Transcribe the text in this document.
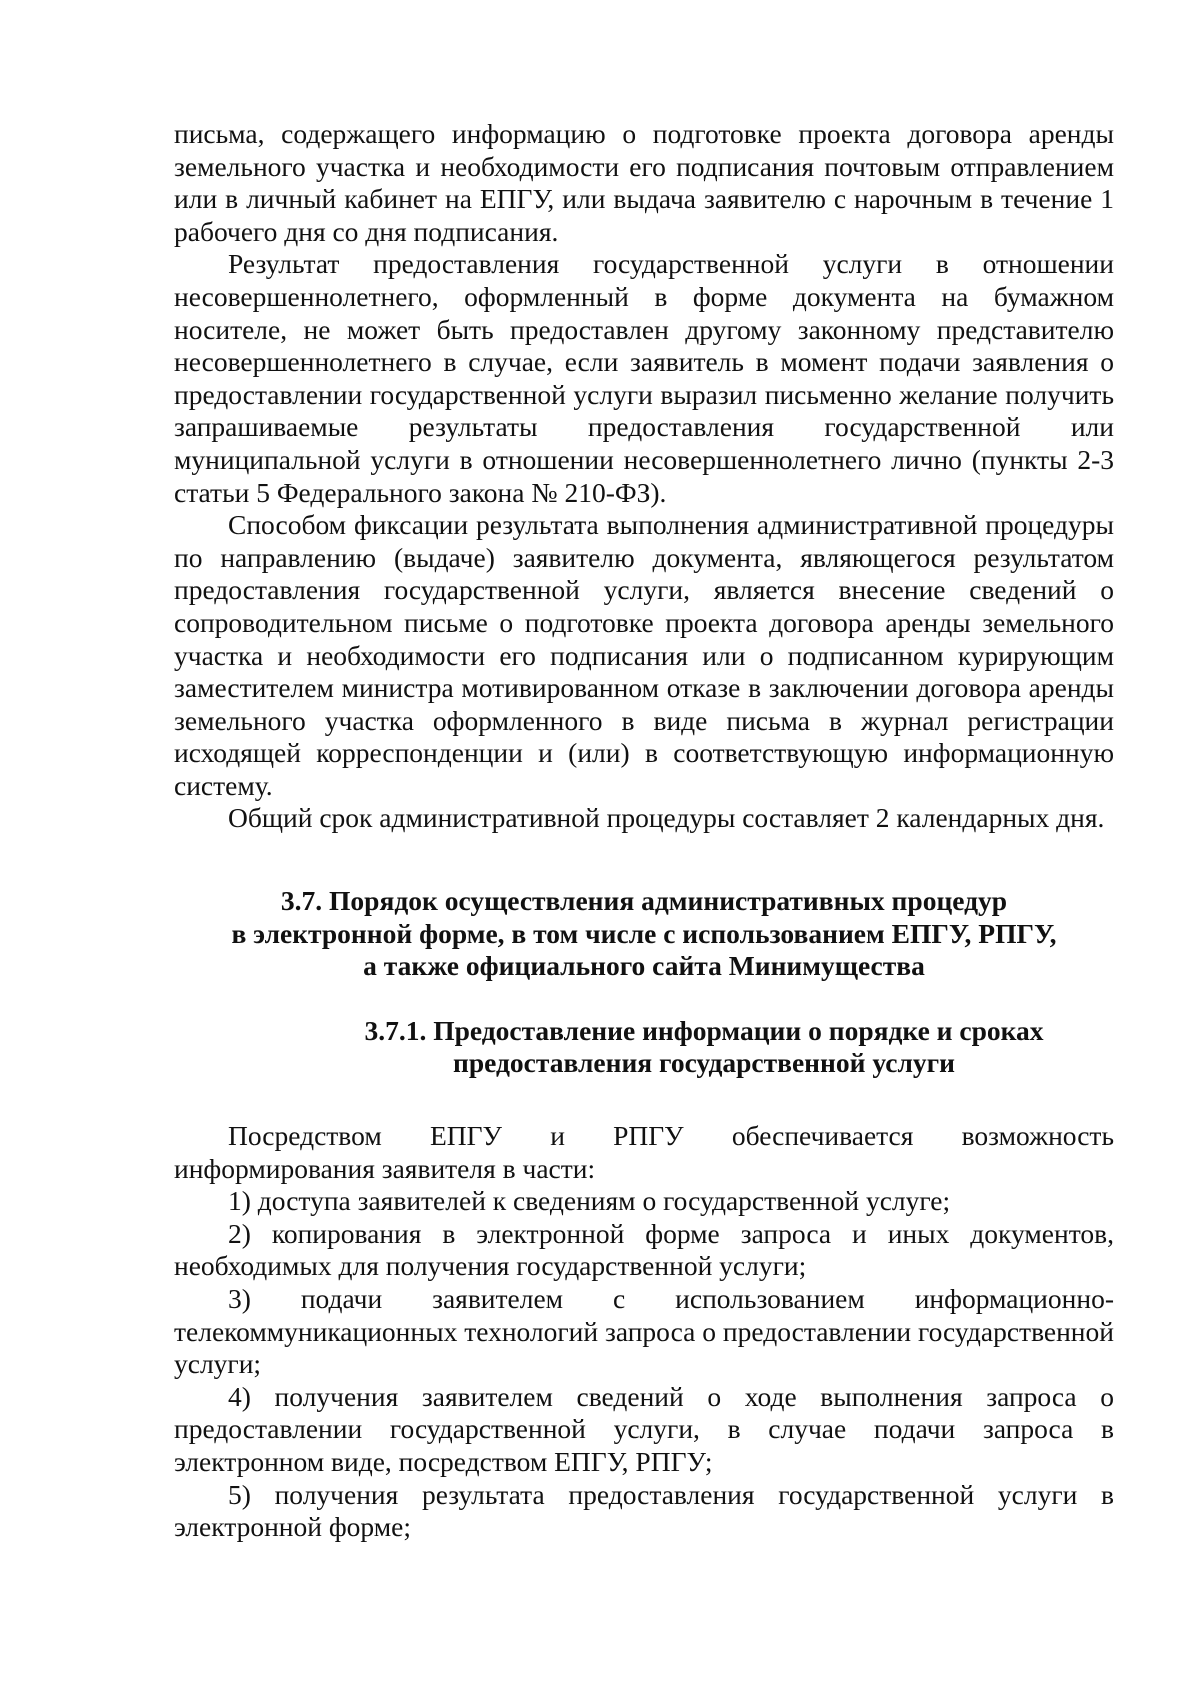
письма, содержащего информацию о подготовке проекта договора аренды земельного участка и необходимости его подписания почтовым отправлением или в личный кабинет на ЕПГУ, или выдача заявителю с нарочным в течение 1 рабочего дня со дня подписания.

Результат предоставления государственной услуги в отношении несовершеннолетнего, оформленный в форме документа на бумажном носителе, не может быть предоставлен другому законному представителю несовершеннолетнего в случае, если заявитель в момент подачи заявления о предоставлении государственной услуги выразил письменно желание получить запрашиваемые результаты предоставления государственной или муниципальной услуги в отношении несовершеннолетнего лично (пункты 2-3 статьи 5 Федерального закона № 210-ФЗ).

Способом фиксации результата выполнения административной процедуры по направлению (выдаче) заявителю документа, являющегося результатом предоставления государственной услуги, является внесение сведений о сопроводительном письме о подготовке проекта договора аренды земельного участка и необходимости его подписания или о подписанном курирующим заместителем министра мотивированном отказе в заключении договора аренды земельного участка оформленного в виде письма в журнал регистрации исходящей корреспонденции и (или) в соответствующую информационную систему.

Общий срок административной процедуры составляет 2 календарных дня.

3.7. Порядок осуществления административных процедур
в электронной форме, в том числе с использованием ЕПГУ, РПГУ,
а также официального сайта Минимущества
3.7.1. Предоставление информации о порядке и сроках
предоставления государственной услуги

Посредством ЕПГУ и РПГУ обеспечивается возможность информирования заявителя в части:

1) доступа заявителей к сведениям о государственной услуге;

2) копирования в электронной форме запроса и иных документов, необходимых для получения государственной услуги;

3) подачи заявителем с использованием информационно-телекоммуникационных технологий запроса о предоставлении государственной услуги;

4) получения заявителем сведений о ходе выполнения запроса о предоставлении государственной услуги, в случае подачи запроса в электронном виде, посредством ЕПГУ, РПГУ;

5) получения результата предоставления государственной услуги в электронной форме;
